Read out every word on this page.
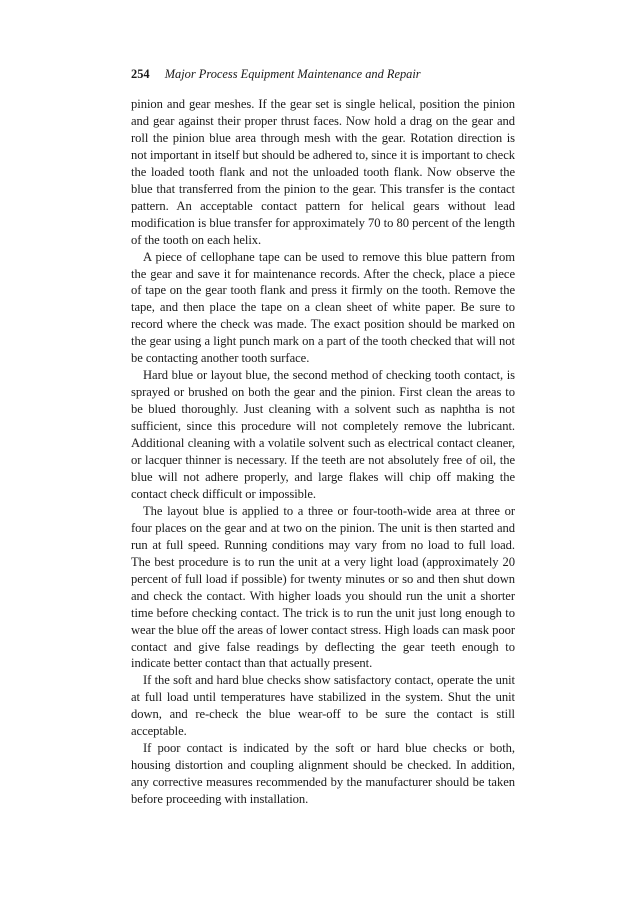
254 Major Process Equipment Maintenance and Repair

pinion and gear meshes. If the gear set is single helical, position the pinion and gear against their proper thrust faces. Now hold a drag on the gear and roll the pinion blue area through mesh with the gear. Rotation direction is not important in itself but should be adhered to, since it is important to check the loaded tooth flank and not the unloaded tooth flank. Now observe the blue that transferred from the pinion to the gear. This transfer is the contact pattern. An acceptable contact pattern for helical gears without lead modification is blue transfer for approximately 70 to 80 percent of the length of the tooth on each helix.

A piece of cellophane tape can be used to remove this blue pattern from the gear and save it for maintenance records. After the check, place a piece of tape on the gear tooth flank and press it firmly on the tooth. Remove the tape, and then place the tape on a clean sheet of white paper. Be sure to record where the check was made. The exact position should be marked on the gear using a light punch mark on a part of the tooth checked that will not be contacting another tooth surface.

Hard blue or layout blue, the second method of checking tooth contact, is sprayed or brushed on both the gear and the pinion. First clean the areas to be blued thoroughly. Just cleaning with a solvent such as naphtha is not sufficient, since this procedure will not completely remove the lubricant. Additional cleaning with a volatile solvent such as electrical contact cleaner, or lacquer thinner is necessary. If the teeth are not absolutely free of oil, the blue will not adhere properly, and large flakes will chip off making the contact check difficult or impossible.

The layout blue is applied to a three or four-tooth-wide area at three or four places on the gear and at two on the pinion. The unit is then started and run at full speed. Running conditions may vary from no load to full load. The best procedure is to run the unit at a very light load (approximately 20 percent of full load if possible) for twenty minutes or so and then shut down and check the contact. With higher loads you should run the unit a shorter time before checking contact. The trick is to run the unit just long enough to wear the blue off the areas of lower contact stress. High loads can mask poor contact and give false readings by deflecting the gear teeth enough to indicate better contact than that actually present.

If the soft and hard blue checks show satisfactory contact, operate the unit at full load until temperatures have stabilized in the system. Shut the unit down, and re-check the blue wear-off to be sure the contact is still acceptable.

If poor contact is indicated by the soft or hard blue checks or both, housing distortion and coupling alignment should be checked. In addition, any corrective measures recommended by the manufacturer should be taken before proceeding with installation.
